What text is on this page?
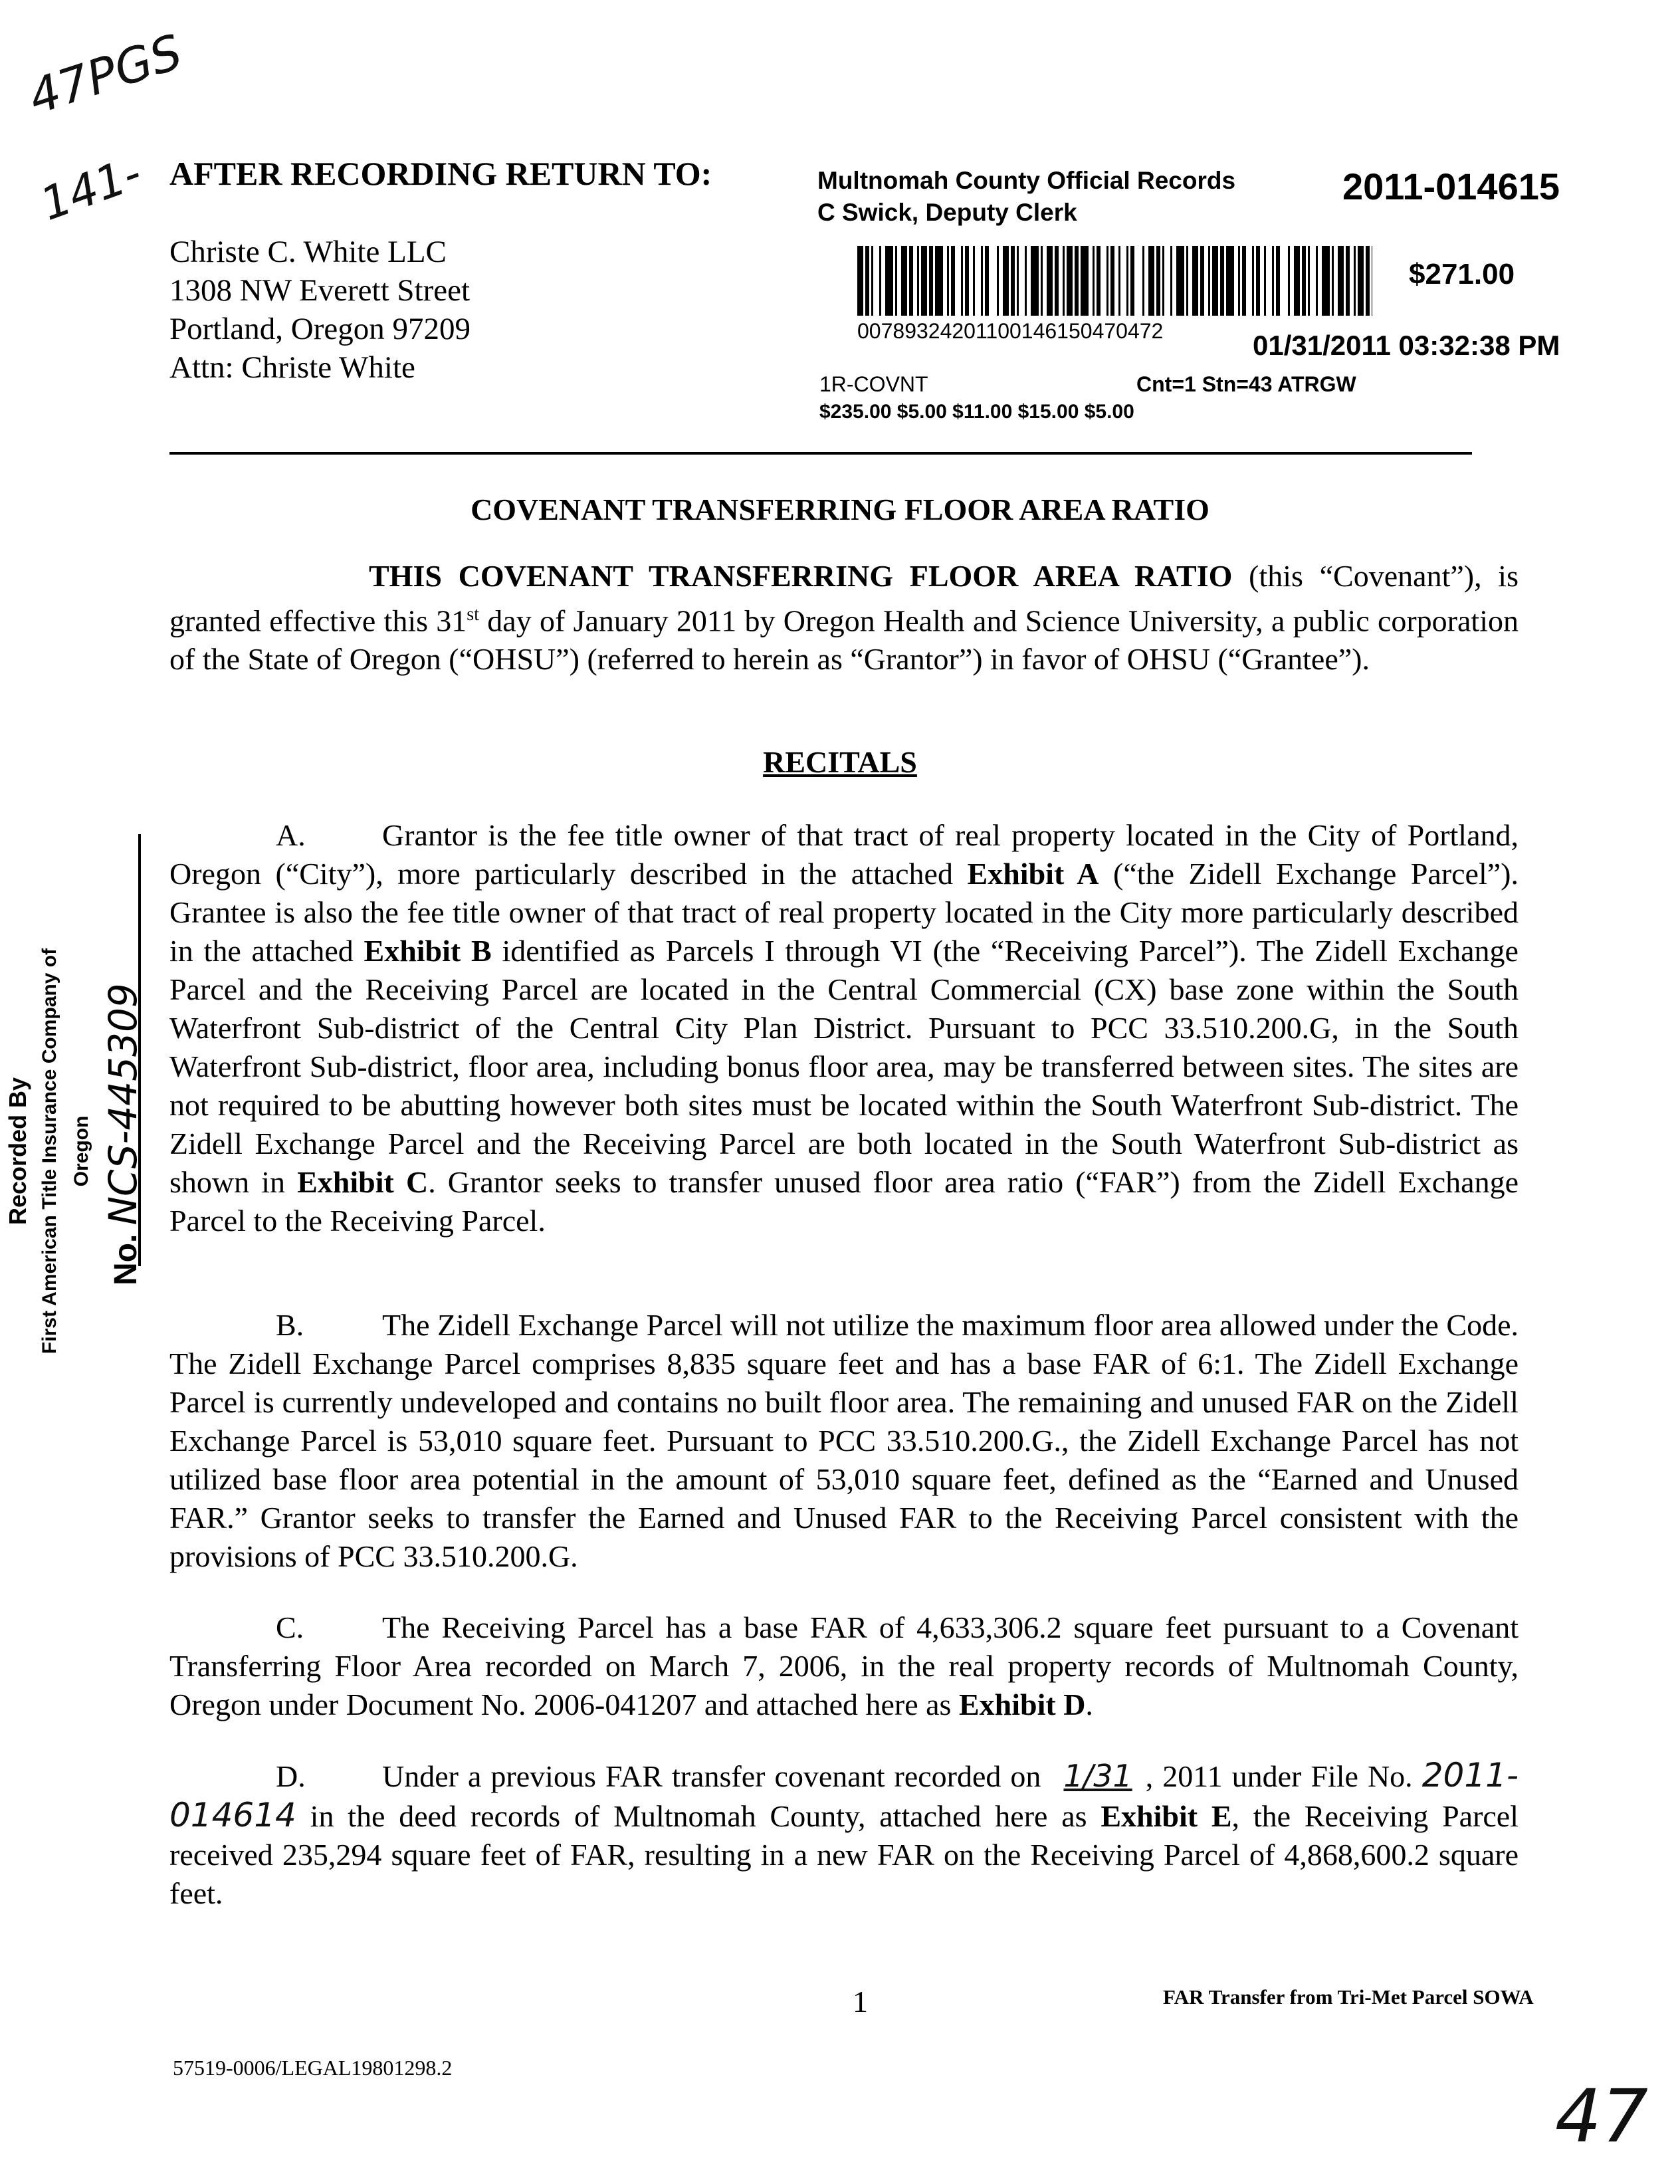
47PGS
141-
47
AFTER RECORDING RETURN TO:
Christe C. White LLC
1308 NW Everett Street
Portland, Oregon 97209
Attn: Christe White
Multnomah County Official Records
C Swick, Deputy Clerk
2011-014615
$271.00
00789324201100146150470472	01/31/2011 03:32:38 PM
1R-COVNT	Cnt=1 Stn=43 ATRGW
$235.00 $5.00 $11.00 $15.00 $5.00
COVENANT TRANSFERRING FLOOR AREA RATIO
THIS COVENANT TRANSFERRING FLOOR AREA RATIO (this “Covenant”), is granted effective this 31st day of January 2011 by Oregon Health and Science University, a public corporation of the State of Oregon (“OHSU”) (referred to herein as “Grantor”) in favor of OHSU (“Grantee”).
RECITALS
A.	Grantor is the fee title owner of that tract of real property located in the City of Portland, Oregon (“City”), more particularly described in the attached Exhibit A (“the Zidell Exchange Parcel”). Grantee is also the fee title owner of that tract of real property located in the City more particularly described in the attached Exhibit B identified as Parcels I through VI (the “Receiving Parcel”). The Zidell Exchange Parcel and the Receiving Parcel are located in the Central Commercial (CX) base zone within the South Waterfront Sub-district of the Central City Plan District. Pursuant to PCC 33.510.200.G, in the South Waterfront Sub-district, floor area, including bonus floor area, may be transferred between sites. The sites are not required to be abutting however both sites must be located within the South Waterfront Sub-district. The Zidell Exchange Parcel and the Receiving Parcel are both located in the South Waterfront Sub-district as shown in Exhibit C. Grantor seeks to transfer unused floor area ratio (“FAR”) from the Zidell Exchange Parcel to the Receiving Parcel.
B.	The Zidell Exchange Parcel will not utilize the maximum floor area allowed under the Code. The Zidell Exchange Parcel comprises 8,835 square feet and has a base FAR of 6:1. The Zidell Exchange Parcel is currently undeveloped and contains no built floor area. The remaining and unused FAR on the Zidell Exchange Parcel is 53,010 square feet. Pursuant to PCC 33.510.200.G., the Zidell Exchange Parcel has not utilized base floor area potential in the amount of 53,010 square feet, defined as the “Earned and Unused FAR.” Grantor seeks to transfer the Earned and Unused FAR to the Receiving Parcel consistent with the provisions of PCC 33.510.200.G.
C.	The Receiving Parcel has a base FAR of 4,633,306.2 square feet pursuant to a Covenant Transferring Floor Area recorded on March 7, 2006, in the real property records of Multnomah County, Oregon under Document No. 2006-041207 and attached here as Exhibit D.
D.	Under a previous FAR transfer covenant recorded on 1/31 , 2011 under File No. 2011-014614 in the deed records of Multnomah County, attached here as Exhibit E, the Receiving Parcel received 235,294 square feet of FAR, resulting in a new FAR on the Receiving Parcel of 4,868,600.2 square feet.
Recorded By First American Title Insurance Company of Oregon
No. NCS-445309
1	FAR Transfer from Tri-Met Parcel SOWA
57519-0006/LEGAL19801298.2
